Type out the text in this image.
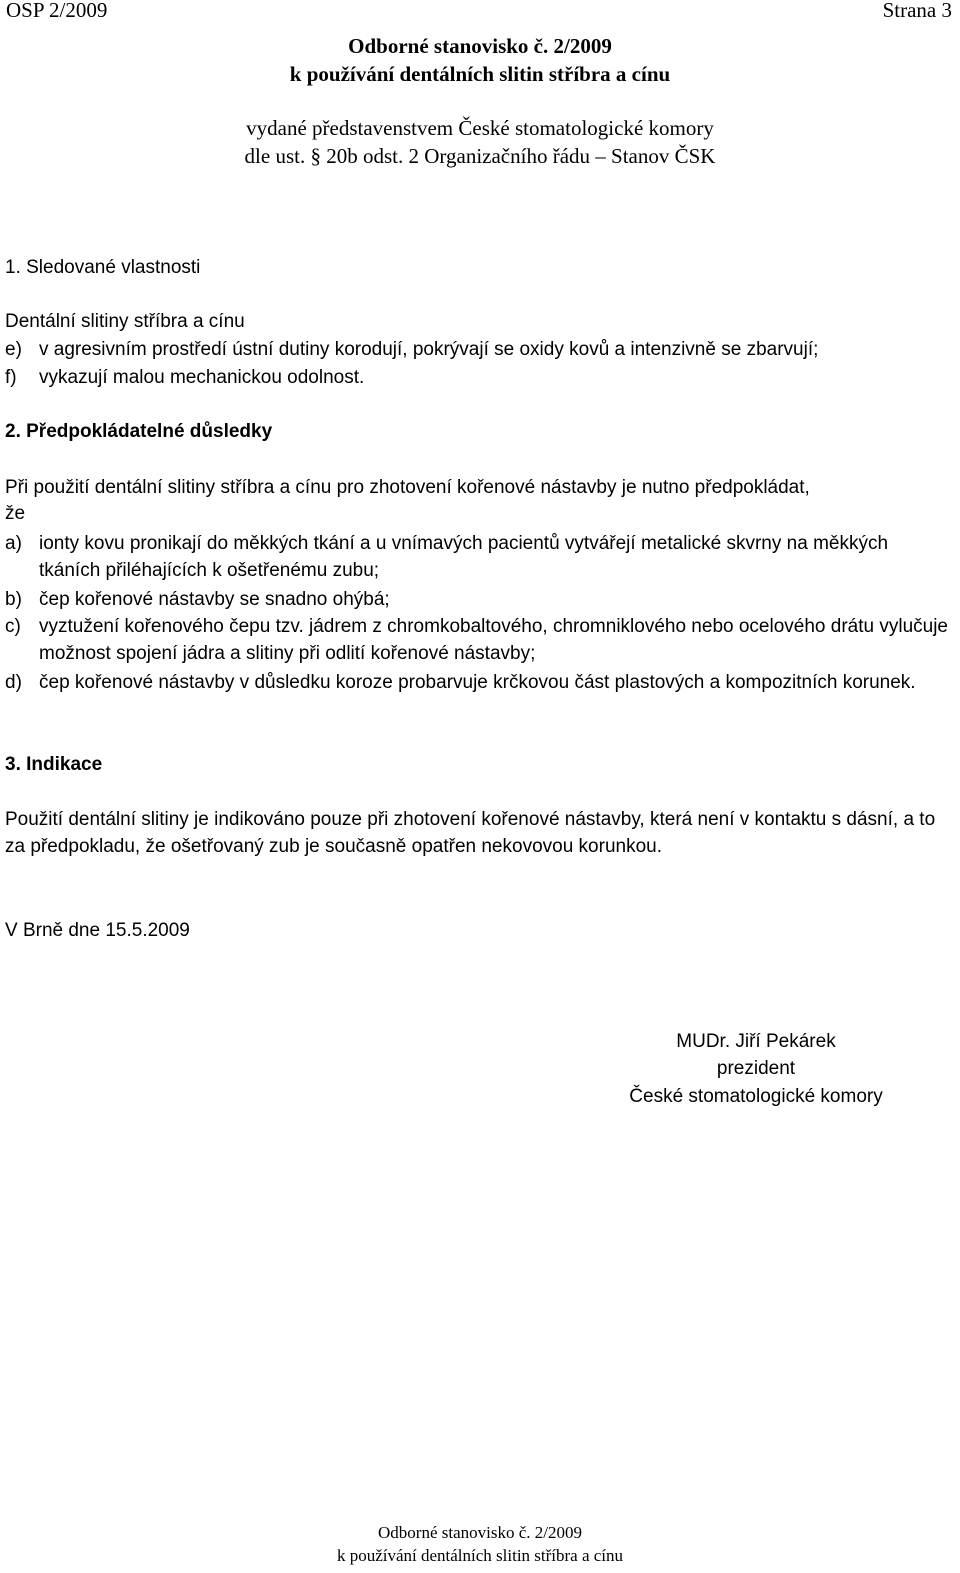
OSP 2/2009	Strana 3
Odborné stanovisko č. 2/2009
k používání dentálních slitin stříbra a cínu
vydané představenstvem České stomatologické komory
dle ust. § 20b odst. 2 Organizačního řádu – Stanov ČSK
1. Sledované vlastnosti
Dentální slitiny stříbra a cínu
e) v agresivním prostředí ústní dutiny korodují, pokrývají se oxidy kovů a intenzivně se zbarvují;
f) vykazují malou mechanickou odolnost.
2. Předpokládatelné důsledky
Při použití dentální slitiny stříbra a cínu pro zhotovení kořenové nástavby je nutno předpokládat,
že
a) ionty kovu pronikají do měkkých tkání a u vnímavých pacientů vytvářejí metalické skvrny na měkkých tkáních přiléhajících k ošetřenému zubu;
b) čep kořenové nástavby se snadno ohýbá;
c) vyztužení kořenového čepu tzv. jádrem z chromkobaltového, chromniklového nebo ocelového drátu vylučuje možnost spojení jádra a slitiny při odlití kořenové nástavby;
d) čep kořenové nástavby v důsledku koroze probarvuje krčkovou část plastových a kompozitních korunek.
3. Indikace
Použití dentální slitiny je indikováno pouze při zhotovení kořenové nástavby, která není v kontaktu s dásní, a to za předpokladu, že ošetřovaný zub je současně opatřen nekovovou korunkou.
V Brně dne 15.5.2009
MUDr. Jiří Pekárek
prezident
České stomatologické komory
Odborné stanovisko č. 2/2009
k používání dentálních slitin stříbra a cínu
